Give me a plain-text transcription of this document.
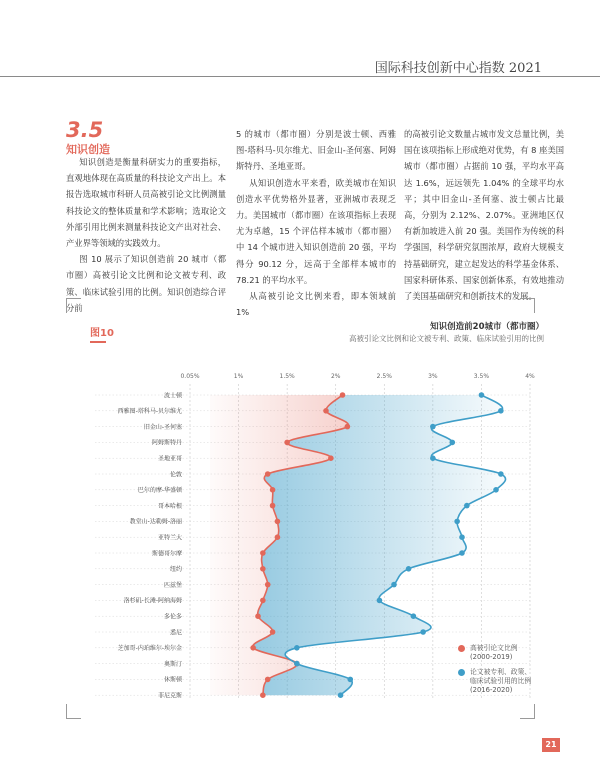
国际科技创新中心指数 2021
3.5
知识创造

知识创造是衡量科研实力的重要指标，直观地体现在高质量的科技论文产出上。本报告选取城市科研人员高被引论文比例测量科技论文的整体质量和学术影响；选取论文外部引用比例来测量科技论文产出对社会、产业界等领域的实践效力。

图 10 展示了知识创造前 20 城市（都市圈）高被引论文比例和论文被专利、政策、临床试验引用的比例。知识创造综合评分前

5 的城市（都市圈）分别是波士顿、西雅图-塔科马-贝尔维尤、旧金山-圣何塞、阿姆斯特丹、圣地亚哥。

从知识创造水平来看，欧美城市在知识创造水平优势格外显著，亚洲城市表现乏力。美国城市（都市圈）在该项指标上表现尤为卓越，15 个评估样本城市（都市圈）中 14 个城市进入知识创造前 20 强，平均得分 90.12 分，远高于全部样本城市的 78.21 的平均水平。

从高被引论文比例来看，即本领域前 1%

的高被引论文数量占城市发文总量比例，美国在该项指标上形成绝对优势，有 8 座美国城市（都市圈）占据前 10 强，平均水平高达 1.6%，远远领先 1.04% 的全球平均水平；其中旧金山-圣何塞、波士顿占比最高，分别为 2.12%、2.07%。亚洲地区仅有新加坡进入前 20 强。美国作为传统的科学强国，科学研究氛围浓厚，政府大规模支持基础研究，建立起发达的科学基金体系、国家科研体系、国家创新体系，有效地推动了美国基础研究和创新技术的发展。

图10
知识创造前20城市（都市圈）
高被引论文比例和论文被专利、政策、临床试验引用的比例
0.05%	1%	1.5%	2%	2.5%	3%	3.5%	4%
波士顿
西雅图-塔科马-贝尔维尤
旧金山-圣何塞
阿姆斯特丹
圣地亚哥
伦敦
巴尔的摩-华盛顿
哥本哈根
教堂山-达勒姆-洛丽
亚特兰大
斯德哥尔摩
纽约
匹兹堡
洛杉矶-长滩-阿纳海姆
多伦多
悉尼
芝加哥-内珀维尔-埃尔金
奥斯汀
休斯顿
菲尼克斯
高被引论文比例
(2000-2019)
论文被专利、政策、
临床试验引用的比例
(2016-2020)
21
